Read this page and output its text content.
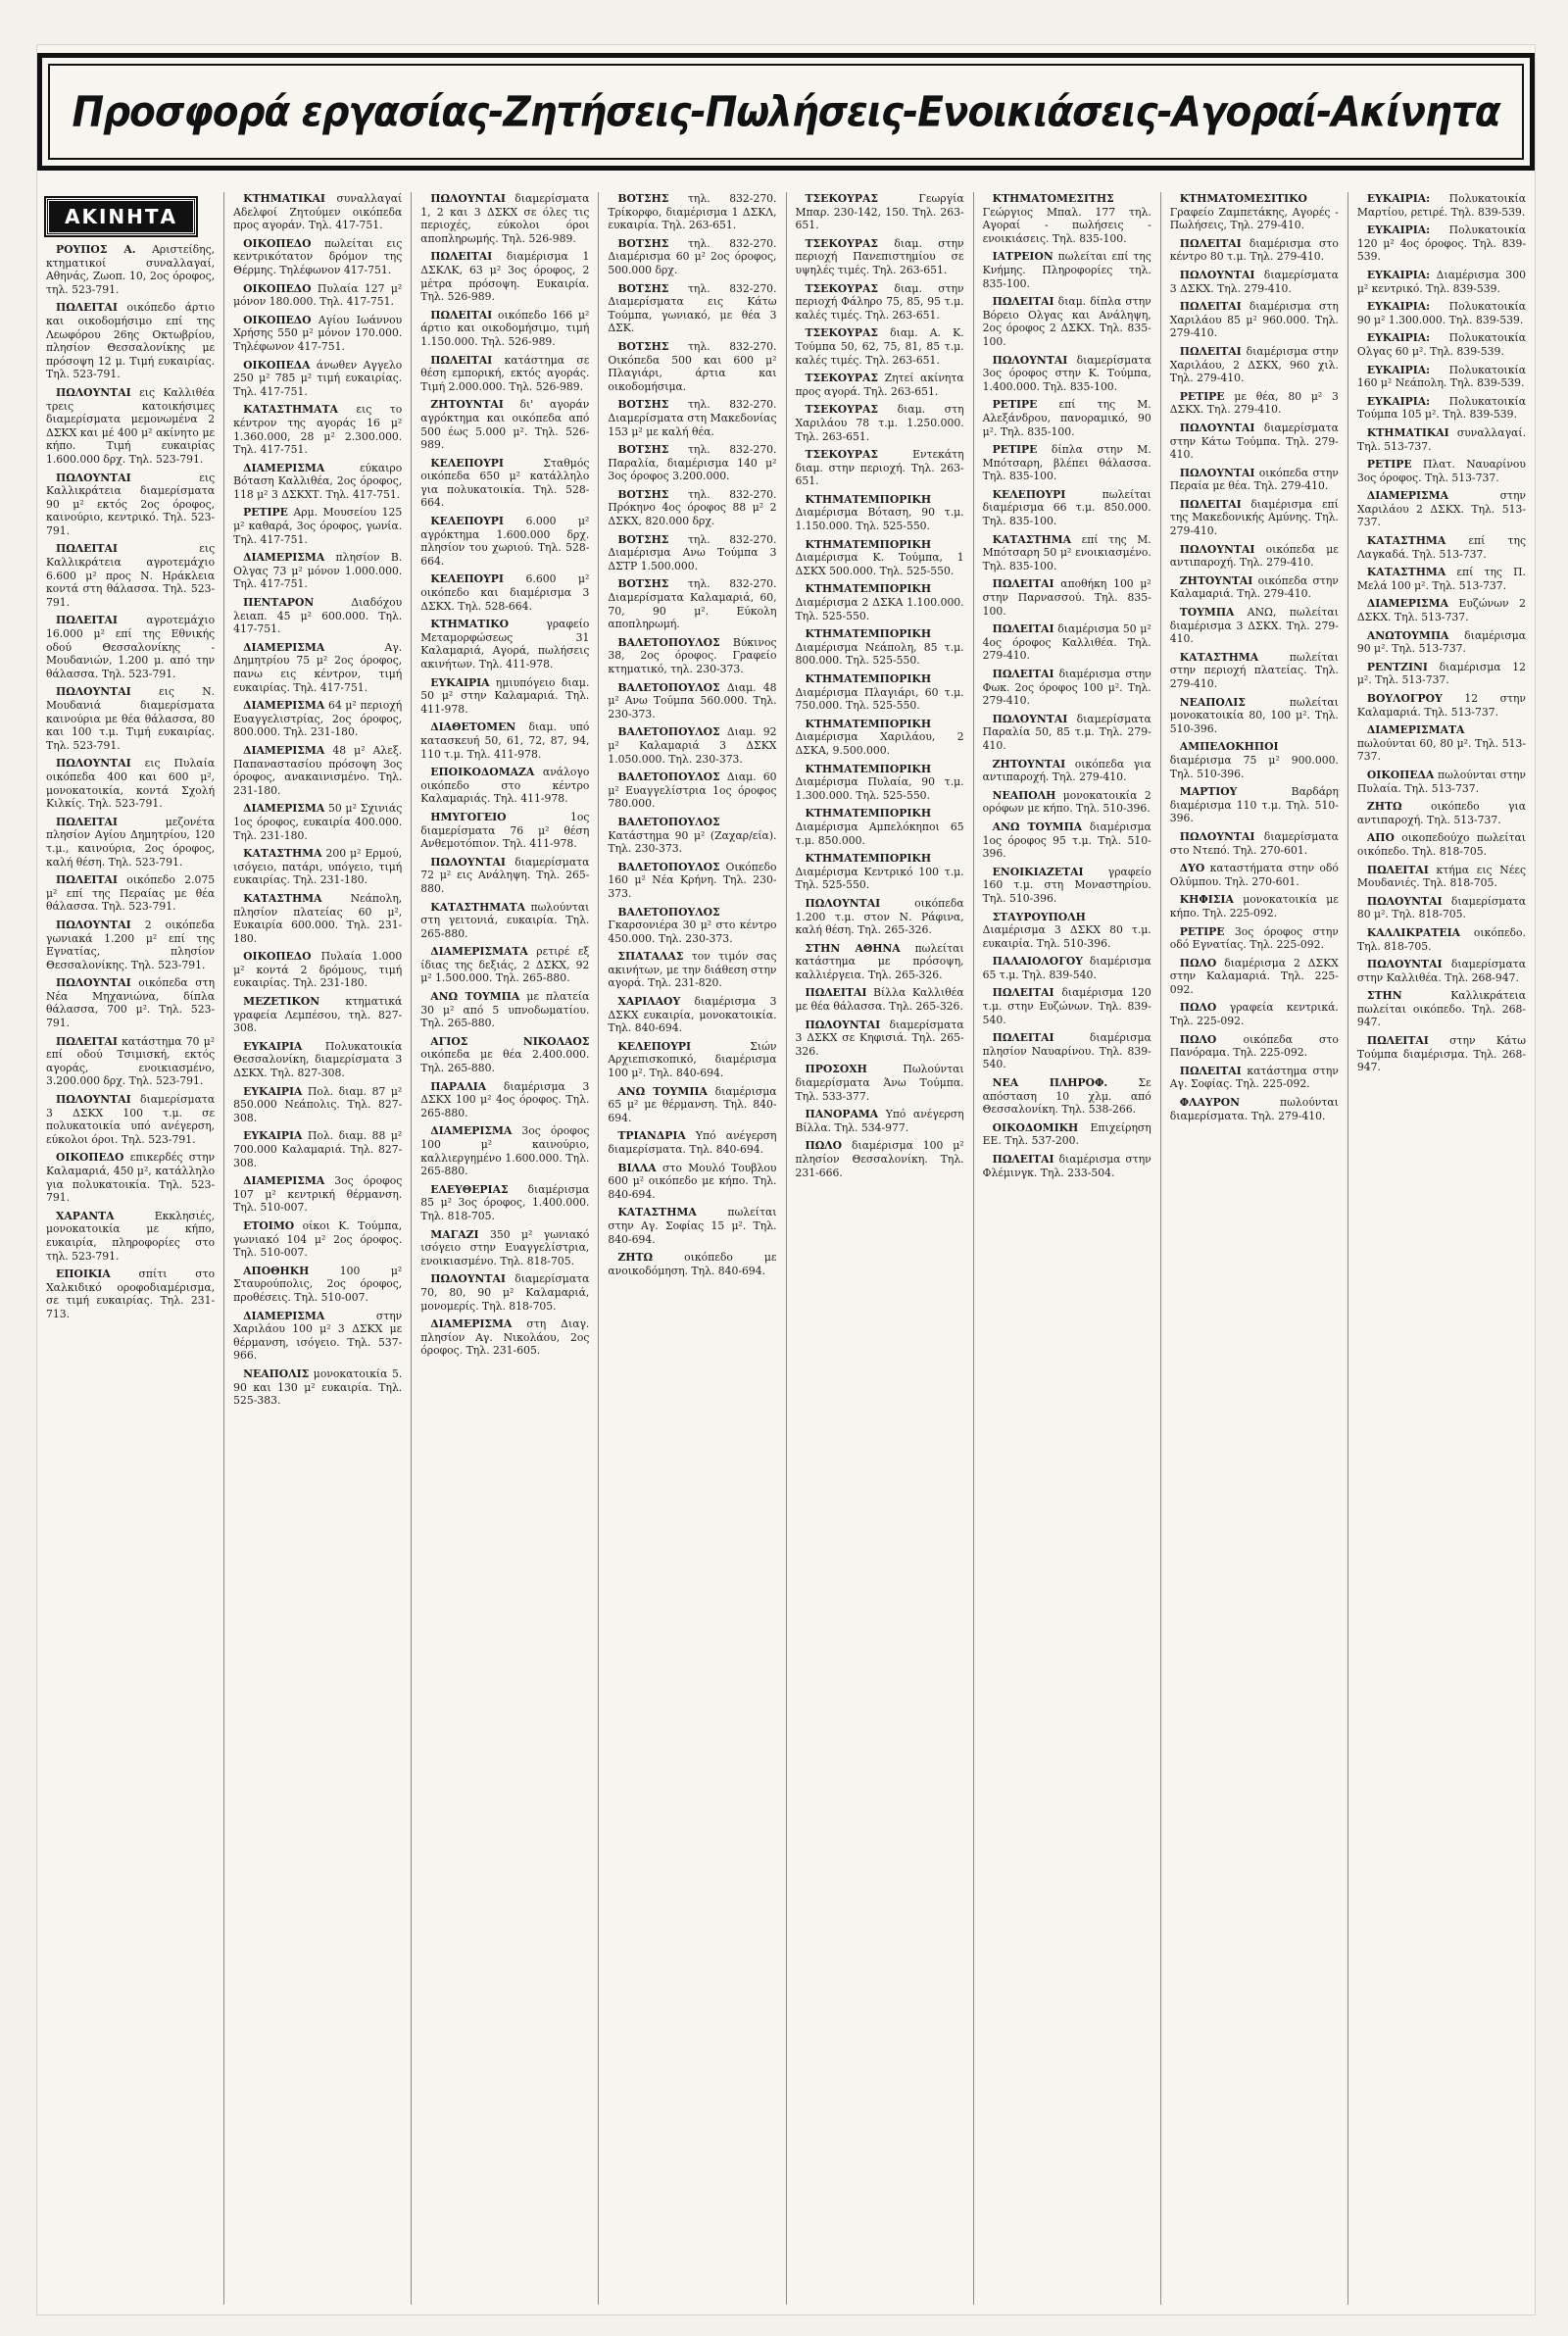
Προσφορά εργασίας-Ζητήσεις-Πωλήσεις-Ενοικιάσεις-Αγοραί-Ακίνητα
ΑΚΙΝΗΤΑ

ΡΟΥΠΟΣ Α. Αριστείδης, κτηματικοί συναλλαγαί, Αθηνάς, Ζωοπ. 10, 2ος όροφος, τηλ. 523-791.

ΠΩΛΕΙΤΑΙ οικόπεδο άρτιο και οικοδομήσιμο επί της Λεωφόρου 26ης Οκτωβρίου, πλησίον Θεσσαλονίκης με πρόσοψη 12 μ. Τιμή ευκαιρίας. Τηλ. 523-791.

ΠΩΛΟΥΝΤΑΙ εις Καλλιθέα τρεις κατοικήσιμες διαμερίσματα μεμονωμένα 2 ΔΣΚΧ και μέ 400 μ² ακίνητο με κήπο. Τιμή ευκαιρίας 1.600.000 δρχ. Τηλ. 523-791.

ΠΩΛΟΥΝΤΑΙ εις Καλλικράτεια διαμερίσματα 90 μ² εκτός 2ος όροφος, καινούριο, κεντρικό. Τηλ. 523-791.

ΠΩΛΕΙΤΑΙ εις Καλλικράτεια αγροτεμάχιο 6.600 μ² προς Ν. Ηράκλεια κοντά στη θάλασσα. Τηλ. 523-791.

ΠΩΛΕΙΤΑΙ αγροτεμάχιο 16.000 μ² επί της Εθνικής οδού Θεσσαλονίκης - Μουδανιών, 1.200 μ. από την θάλασσα. Τηλ. 523-791.

ΠΩΛΟΥΝΤΑΙ εις Ν. Μουδανιά διαμερίσματα καινούρια με θέα θάλασσα, 80 και 100 τ.μ. Τιμή ευκαιρίας. Τηλ. 523-791.

ΠΩΛΟΥΝΤΑΙ εις Πυλαία οικόπεδα 400 και 600 μ², μονοκατοικία, κοντά Σχολή Κιλκίς. Τηλ. 523-791.

ΠΩΛΕΙΤΑΙ μεζονέτα πλησίον Αγίου Δημητρίου, 120 τ.μ., καινούρια, 2ος όροφος, καλή θέση. Τηλ. 523-791.

ΠΩΛΕΙΤΑΙ οικόπεδο 2.075 μ² επί της Περαίας με θέα θάλασσα. Τηλ. 523-791.

ΠΩΛΟΥΝΤΑΙ 2 οικόπεδα γωνιακά 1.200 μ² επί της Εγνατίας, πλησίον Θεσσαλονίκης. Τηλ. 523-791.

ΠΩΛΟΥΝΤΑΙ οικόπεδα στη Νέα Μηχανιώνα, δίπλα θάλασσα, 700 μ². Τηλ. 523-791.

ΠΩΛΕΙΤΑΙ κατάστημα 70 μ² επί οδού Τσιμισκή, εκτός αγοράς, ενοικιασμένο, 3.200.000 δρχ. Τηλ. 523-791.

ΠΩΛΟΥΝΤΑΙ διαμερίσματα 3 ΔΣΚΧ 100 τ.μ. σε πολυκατοικία υπό ανέγερση, εύκολοι όροι. Τηλ. 523-791.

ΟΙΚΟΠΕΔΟ επικερδές στην Καλαμαριά, 450 μ², κατάλληλο για πολυκατοικία. Τηλ. 523-791.

ΧΑΡΑΝΤΑ Εκκλησιές, μονοκατοικία με κήπο, ευκαιρία, πληροφορίες στο τηλ. 523-791.

ΕΠΟΙΚΙΑ σπίτι στο Χαλκιδικό οροφοδιαμέρισμα, σε τιμή ευκαιρίας. Τηλ. 231-713.

ΚΤΗΜΑΤΙΚΑΙ συναλλαγαί Αδελφοί Ζητούμεν οικόπεδα προς αγοράν. Τηλ. 417-751.

ΟΙΚΟΠΕΔΟ πωλείται εις κεντρικότατον δρόμον της Θέρμης. Τηλέφωνον 417-751.

ΟΙΚΟΠΕΔΟ Πυλαία 127 μ² μόνον 180.000. Τηλ. 417-751.

ΟΙΚΟΠΕΔΟ Αγίου Ιωάννου Χρήσης 550 μ² μόνον 170.000. Τηλέφωνον 417-751.

ΟΙΚΟΠΕΔΑ άνωθεν Αγγελο 250 μ² 785 μ² τιμή ευκαιρίας. Τηλ. 417-751.

ΚΑΤΑΣΤΗΜΑΤΑ εις το κέντρον της αγοράς 16 μ² 1.360.000, 28 μ² 2.300.000. Τηλ. 417-751.

ΔΙΑΜΕΡΙΣΜΑ εύκαιρο Βόταση Καλλιθέα, 2ος όροφος, 118 μ² 3 ΔΣΚΧΤ. Τηλ. 417-751.

ΡΕΤΙΡΕ Αρμ. Μουσείου 125 μ² καθαρά, 3ος όροφος, γωνία. Τηλ. 417-751.

ΔΙΑΜΕΡΙΣΜΑ πλησίον Β. Ολγας 73 μ² μόνον 1.000.000. Τηλ. 417-751.

ΠΕΝΤΑΡΟΝ Διαδόχου λειαπ. 45 μ² 600.000. Τηλ. 417-751.

ΔΙΑΜΕΡΙΣΜΑ Αγ. Δημητρίου 75 μ² 2ος όροφος, πανω εις κέντρον, τιμή ευκαιρίας. Τηλ. 417-751.

ΔΙΑΜΕΡΙΣΜΑ 64 μ² περιοχή Ευαγγελιστρίας, 2ος όροφος, 800.000. Τηλ. 231-180.

ΔΙΑΜΕΡΙΣΜΑ 48 μ² Αλεξ. Παπαναστασίου πρόσοψη 3ος όροφος, ανακαινισμένο. Τηλ. 231-180.

ΔΙΑΜΕΡΙΣΜΑ 50 μ² Σχινιάς 1ος όροφος, ευκαιρία 400.000. Τηλ. 231-180.

ΚΑΤΑΣΤΗΜΑ 200 μ² Ερμού, ισόγειο, πατάρι, υπόγειο, τιμή ευκαιρίας. Τηλ. 231-180.

ΚΑΤΑΣΤΗΜΑ Νεάπολη, πλησίον πλατείας 60 μ², Ευκαιρία 600.000. Τηλ. 231-180.

ΟΙΚΟΠΕΔΟ Πυλαία 1.000 μ² κοντά 2 δρόμους, τιμή ευκαιρίας. Τηλ. 231-180.

ΜΕΖΕΤΙΚΟΝ κτηματικά γραφεία Λεμπέσου, τηλ. 827-308.

ΕΥΚΑΙΡΙΑ Πολυκατοικία Θεσσαλονίκη, διαμερίσματα 3 ΔΣΚΧ. Τηλ. 827-308.

ΕΥΚΑΙΡΙΑ Πολ. διαμ. 87 μ² 850.000 Νεάπολις. Τηλ. 827-308.

ΕΥΚΑΙΡΙΑ Πολ. διαμ. 88 μ² 700.000 Καλαμαριά. Τηλ. 827-308.

ΔΙΑΜΕΡΙΣΜΑ 3ος όροφος 107 μ² κεντρική θέρμανση. Τηλ. 510-007.

ΕΤΟΙΜΟ οίκοι Κ. Τούμπα, γωνιακό 104 μ² 2ος όροφος. Τηλ. 510-007.

ΑΠΟΘΗΚΗ 100 μ² Σταυρούπολις, 2ος όροφος, προθέσεις. Τηλ. 510-007.

ΔΙΑΜΕΡΙΣΜΑ στην Χαριλάου 100 μ² 3 ΔΣΚΧ με θέρμανση, ισόγειο. Τηλ. 537-966.

ΝΕΑΠΟΛΙΣ μονοκατοικία 5. 90 και 130 μ² ευκαιρία. Τηλ. 525-383.

ΠΩΛΟΥΝΤΑΙ διαμερίσματα 1, 2 και 3 ΔΣΚΧ σε όλες τις περιοχές, εύκολοι όροι αποπληρωμής. Τηλ. 526-989.

ΠΩΛΕΙΤΑΙ διαμέρισμα 1 ΔΣΚΛΚ, 63 μ² 3ος όροφος, 2 μέτρα πρόσοψη. Ευκαιρία. Τηλ. 526-989.

ΠΩΛΕΙΤΑΙ οικόπεδο 166 μ² άρτιο και οικοδομήσιμο, τιμή 1.150.000. Τηλ. 526-989.

ΠΩΛΕΙΤΑΙ κατάστημα σε θέση εμπορική, εκτός αγοράς. Τιμή 2.000.000. Τηλ. 526-989.

ΖΗΤΟΥΝΤΑΙ δι' αγοράν αγρόκτημα και οικόπεδα από 500 έως 5.000 μ². Τηλ. 526-989.

ΚΕΛΕΠΟΥΡΙ Σταθμός οικόπεδα 650 μ² κατάλληλο για πολυκατοικία. Τηλ. 528-664.

ΚΕΛΕΠΟΥΡΙ 6.000 μ² αγρόκτημα 1.600.000 δρχ. πλησίον του χωριού. Τηλ. 528-664.

ΚΕΛΕΠΟΥΡΙ 6.600 μ² οικόπεδο και διαμέρισμα 3 ΔΣΚΧ. Τηλ. 528-664.

ΚΤΗΜΑΤΙΚΟ γραφείο Μεταμορφώσεως 31 Καλαμαριά, Αγορά, πωλήσεις ακινήτων. Τηλ. 411-978.

ΕΥΚΑΙΡΙΑ ημιυπόγειο διαμ. 50 μ² στην Καλαμαριά. Τηλ. 411-978.

ΔΙΑΘΕΤΟΜΕΝ διαμ. υπό κατασκευή 50, 61, 72, 87, 94, 110 τ.μ. Τηλ. 411-978.

ΕΠΟΙΚΟΔΟΜΑΖΑ ανάλογο οικόπεδο στο κέντρο Καλαμαριάς. Τηλ. 411-978.

ΗΜΥΓΟΓΕΙΟ 1ος διαμερίσματα 76 μ² θέση Ανθεμοτόπιον. Τηλ. 411-978.

ΠΩΛΟΥΝΤΑΙ διαμερίσματα 72 μ² εις Ανάληψη. Τηλ. 265-880.

ΚΑΤΑΣΤΗΜΑΤΑ πωλούνται στη γειτονιά, ευκαιρία. Τηλ. 265-880.

ΔΙΑΜΕΡΙΣΜΑΤΑ ρετιρέ εξ ίδιας της δεξιάς, 2 ΔΣΚΧ, 92 μ² 1.500.000. Τηλ. 265-880.

ΑΝΩ ΤΟΥΜΠΑ με πλατεία 30 μ² από 5 υπνοδωματίου. Τηλ. 265-880.

ΑΓΙΟΣ ΝΙΚΟΛΑΟΣ οικόπεδα με θέα 2.400.000. Τηλ. 265-880.

ΠΑΡΑΛΙΑ διαμέρισμα 3 ΔΣΚΧ 100 μ² 4ος όροφος. Τηλ. 265-880.

ΔΙΑΜΕΡΙΣΜΑ 3ος όροφος 100 μ² καινούριο, καλλιεργημένο 1.600.000. Τηλ. 265-880.

ΕΛΕΥΘΕΡΙΑΣ διαμέρισμα 85 μ² 3ος όροφος, 1.400.000. Τηλ. 818-705.

ΜΑΓΑΖΙ 350 μ² γωνιακό ισόγειο στην Ευαγγελίστρια, ενοικιασμένο. Τηλ. 818-705.

ΠΩΛΟΥΝΤΑΙ διαμερίσματα 70, 80, 90 μ² Καλαμαριά, μονομερίς. Τηλ. 818-705.

ΔΙΑΜΕΡΙΣΜΑ στη Διαγ. πλησίον Αγ. Νικολάου, 2ος όροφος. Τηλ. 231-605.

ΒΟΤΣΗΣ τηλ. 832-270. Τρίκορφο, διαμέρισμα 1 ΔΣΚΛ, ευκαιρία. Τηλ. 263-651.

ΒΟΤΣΗΣ τηλ. 832-270. Διαμέρισμα 60 μ² 2ος όροφος, 500.000 δρχ.

ΒΟΤΣΗΣ τηλ. 832-270. Διαμερίσματα εις Κάτω Τούμπα, γωνιακό, με θέα 3 ΔΣΚ.

ΒΟΤΣΗΣ τηλ. 832-270. Οικόπεδα 500 και 600 μ² Πλαγιάρι, άρτια και οικοδομήσιμα.

ΒΟΤΣΗΣ τηλ. 832-270. Διαμερίσματα στη Μακεδονίας 153 μ² με καλή θέα.

ΒΟΤΣΗΣ τηλ. 832-270. Παραλία, διαμέρισμα 140 μ² 3ος όροφος 3.200.000.

ΒΟΤΣΗΣ τηλ. 832-270. Πρόκηνο 4ος όροφος 88 μ² 2 ΔΣΚΧ, 820.000 δρχ.

ΒΟΤΣΗΣ τηλ. 832-270. Διαμέρισμα Ανω Τούμπα 3 ΔΣΤΡ 1.500.000.

ΒΟΤΣΗΣ τηλ. 832-270. Διαμερίσματα Καλαμαριά, 60, 70, 90 μ². Εύκολη αποπληρωμή.

ΒΑΛΕΤΟΠΟΥΛΟΣ Βύκινος 38, 2ος όροφος. Γραφείο κτηματικό, τηλ. 230-373.

ΒΑΛΕΤΟΠΟΥΛΟΣ Διαμ. 48 μ² Ανω Τούμπα 560.000. Τηλ. 230-373.

ΒΑΛΕΤΟΠΟΥΛΟΣ Διαμ. 92 μ² Καλαμαριά 3 ΔΣΚΧ 1.050.000. Τηλ. 230-373.

ΒΑΛΕΤΟΠΟΥΛΟΣ Διαμ. 60 μ² Ευαγγελίστρια 1ος όροφος 780.000.

ΒΑΛΕΤΟΠΟΥΛΟΣ Κατάστημα 90 μ² (Ζαχαρ/εία). Τηλ. 230-373.

ΒΑΛΕΤΟΠΟΥΛΟΣ Οικόπεδο 160 μ² Νέα Κρήνη. Τηλ. 230-373.

ΒΑΛΕΤΟΠΟΥΛΟΣ Γκαρσονιέρα 30 μ² στο κέντρο 450.000. Τηλ. 230-373.

ΣΠΑΤΑΛΑΣ τον τιμόν σας ακινήτων, με την διάθεση στην αγορά. Τηλ. 231-820.

ΧΑΡΙΛΑΟΥ διαμέρισμα 3 ΔΣΚΧ ευκαιρία, μονοκατοικία. Τηλ. 840-694.

ΚΕΛΕΠΟΥΡΙ Σιών Αρχιεπισκοπικό, διαμέρισμα 100 μ². Τηλ. 840-694.

ΑΝΩ ΤΟΥΜΠΑ διαμέρισμα 65 μ² με θέρμανση. Τηλ. 840-694.

ΤΡΙΑΝΔΡΙΑ Υπό ανέγερση διαμερίσματα. Τηλ. 840-694.

ΒΙΛΛΑ στο Μουλό Τουβλου 600 μ² οικόπεδο με κήπο. Τηλ. 840-694.

ΚΑΤΑΣΤΗΜΑ πωλείται στην Αγ. Σοφίας 15 μ². Τηλ. 840-694.

ΖΗΤΩ οικόπεδο με ανοικοδόμηση. Τηλ. 840-694.

ΤΣΕΚΟΥΡΑΣ Γεωργία Μπαρ. 230-142, 150. Τηλ. 263-651.

ΤΣΕΚΟΥΡΑΣ διαμ. στην περιοχή Πανεπιστημίου σε υψηλές τιμές. Τηλ. 263-651.

ΤΣΕΚΟΥΡΑΣ διαμ. στην περιοχή Φάληρο 75, 85, 95 τ.μ. καλές τιμές. Τηλ. 263-651.

ΤΣΕΚΟΥΡΑΣ διαμ. Α. Κ. Τούμπα 50, 62, 75, 81, 85 τ.μ. καλές τιμές. Τηλ. 263-651.

ΤΣΕΚΟΥΡΑΣ Ζητεί ακίνητα προς αγορά. Τηλ. 263-651.

ΤΣΕΚΟΥΡΑΣ διαμ. στη Χαριλάου 78 τ.μ. 1.250.000. Τηλ. 263-651.

ΤΣΕΚΟΥΡΑΣ Εντεκάτη διαμ. στην περιοχή. Τηλ. 263-651.

ΚΤΗΜΑΤΕΜΠΟΡΙΚΗ Διαμέρισμα Βόταση, 90 τ.μ. 1.150.000. Τηλ. 525-550.

ΚΤΗΜΑΤΕΜΠΟΡΙΚΗ Διαμέρισμα Κ. Τούμπα, 1 ΔΣΚΧ 500.000. Τηλ. 525-550.

ΚΤΗΜΑΤΕΜΠΟΡΙΚΗ Διαμέρισμα 2 ΔΣΚΑ 1.100.000. Τηλ. 525-550.

ΚΤΗΜΑΤΕΜΠΟΡΙΚΗ Διαμέρισμα Νεάπολη, 85 τ.μ. 800.000. Τηλ. 525-550.

ΚΤΗΜΑΤΕΜΠΟΡΙΚΗ Διαμέρισμα Πλαγιάρι, 60 τ.μ. 750.000. Τηλ. 525-550.

ΚΤΗΜΑΤΕΜΠΟΡΙΚΗ Διαμέρισμα Χαριλάου, 2 ΔΣΚΑ, 9.500.000.

ΚΤΗΜΑΤΕΜΠΟΡΙΚΗ Διαμέρισμα Πυλαία, 90 τ.μ. 1.300.000. Τηλ. 525-550.

ΚΤΗΜΑΤΕΜΠΟΡΙΚΗ Διαμέρισμα Αμπελόκηποι 65 τ.μ. 850.000.

ΚΤΗΜΑΤΕΜΠΟΡΙΚΗ Διαμέρισμα Κεντρικό 100 τ.μ. Τηλ. 525-550.

ΠΩΛΟΥΝΤΑΙ οικόπεδα 1.200 τ.μ. στον Ν. Ράφινα, καλή θέση. Τηλ. 265-326.

ΣΤΗΝ ΑΘΗΝΑ πωλείται κατάστημα με πρόσοψη, καλλιέργεια. Τηλ. 265-326.

ΠΩΛΕΙΤΑΙ Βίλλα Καλλιθέα με θέα θάλασσα. Τηλ. 265-326.

ΠΩΛΟΥΝΤΑΙ διαμερίσματα 3 ΔΣΚΧ σε Κηφισιά. Τηλ. 265-326.

ΠΡΟΣΟΧΗ Πωλούνται διαμερίσματα Άνω Τούμπα. Τηλ. 533-377.

ΠΑΝΟΡΑΜΑ Υπό ανέγερση Βίλλα. Τηλ. 534-977.

ΠΩΛΟ διαμέρισμα 100 μ² πλησίον Θεσσαλονίκη. Τηλ. 231-666.

ΚΤΗΜΑΤΟΜΕΣΙΤΗΣ Γεώργιος Μπαλ. 177 τηλ. Αγοραί - πωλήσεις - ενοικιάσεις. Τηλ. 835-100.

ΙΑΤΡΕΙΟΝ πωλείται επί της Κνήμης. Πληροφορίες τηλ. 835-100.

ΠΩΛΕΙΤΑΙ διαμ. δίπλα στην Βόρειο Ολγας και Ανάληψη, 2ος όροφος 2 ΔΣΚΧ. Τηλ. 835-100.

ΠΩΛΟΥΝΤΑΙ διαμερίσματα 3ος όροφος στην Κ. Τούμπα, 1.400.000. Τηλ. 835-100.

ΡΕΤΙΡΕ επί της Μ. Αλεξάνδρου, πανοραμικό, 90 μ². Τηλ. 835-100.

ΡΕΤΙΡΕ δίπλα στην Μ. Μπότσαρη, βλέπει θάλασσα. Τηλ. 835-100.

ΚΕΛΕΠΟΥΡΙ πωλείται διαμέρισμα 66 τ.μ. 850.000. Τηλ. 835-100.

ΚΑΤΑΣΤΗΜΑ επί της Μ. Μπότσαρη 50 μ² ενοικιασμένο. Τηλ. 835-100.

ΠΩΛΕΙΤΑΙ αποθήκη 100 μ² στην Παρνασσού. Τηλ. 835-100.

ΠΩΛΕΙΤΑΙ διαμέρισμα 50 μ² 4ος όροφος Καλλιθέα. Τηλ. 279-410.

ΠΩΛΕΙΤΑΙ διαμέρισμα στην Φωκ. 2ος όροφος 100 μ². Τηλ. 279-410.

ΠΩΛΟΥΝΤΑΙ διαμερίσματα Παραλία 50, 85 τ.μ. Τηλ. 279-410.

ΖΗΤΟΥΝΤΑΙ οικόπεδα για αντιπαροχή. Τηλ. 279-410.

ΝΕΑΠΟΛΗ μονοκατοικία 2 ορόφων με κήπο. Τηλ. 510-396.

ΑΝΩ ΤΟΥΜΠΑ διαμέρισμα 1ος όροφος 95 τ.μ. Τηλ. 510-396.

ΕΝΟΙΚΙΑΖΕΤΑΙ γραφείο 160 τ.μ. στη Μοναστηρίου. Τηλ. 510-396.

ΣΤΑΥΡΟΥΠΟΛΗ Διαμέρισμα 3 ΔΣΚΧ 80 τ.μ. ευκαιρία. Τηλ. 510-396.

ΠΑΛΑΙΟΛΟΓΟΥ διαμέρισμα 65 τ.μ. Τηλ. 839-540.

ΠΩΛΕΙΤΑΙ διαμέρισμα 120 τ.μ. στην Ευζώνων. Τηλ. 839-540.

ΠΩΛΕΙΤΑΙ διαμέρισμα πλησίον Ναυαρίνου. Τηλ. 839-540.

ΝΕΑ ΠΛΗΡΟΦ. Σε απόσταση 10 χλμ. από Θεσσαλονίκη. Τηλ. 538-266.

ΟΙΚΟΔΟΜΙΚΗ Επιχείρηση ΕΕ. Τηλ. 537-200.

ΠΩΛΕΙΤΑΙ διαμέρισμα στην Φλέμινγκ. Τηλ. 233-504.

ΚΤΗΜΑΤΟΜΕΣΙΤΙΚΟ Γραφείο Ζαμπετάκης, Αγορές - Πωλήσεις, Τηλ. 279-410.

ΠΩΛΕΙΤΑΙ διαμέρισμα στο κέντρο 80 τ.μ. Τηλ. 279-410.

ΠΩΛΟΥΝΤΑΙ διαμερίσματα 3 ΔΣΚΧ. Τηλ. 279-410.

ΠΩΛΕΙΤΑΙ διαμέρισμα στη Χαριλάου 85 μ² 960.000. Τηλ. 279-410.

ΠΩΛΕΙΤΑΙ διαμέρισμα στην Χαριλάου, 2 ΔΣΚΧ, 960 χιλ. Τηλ. 279-410.

ΡΕΤΙΡΕ με θέα, 80 μ² 3 ΔΣΚΧ. Τηλ. 279-410.

ΠΩΛΟΥΝΤΑΙ διαμερίσματα στην Κάτω Τούμπα. Τηλ. 279-410.

ΠΩΛΟΥΝΤΑΙ οικόπεδα στην Περαία με θέα. Τηλ. 279-410.

ΠΩΛΕΙΤΑΙ διαμέρισμα επί της Μακεδονικής Αμύνης. Τηλ. 279-410.

ΠΩΛΟΥΝΤΑΙ οικόπεδα με αντιπαροχή. Τηλ. 279-410.

ΖΗΤΟΥΝΤΑΙ οικόπεδα στην Καλαμαριά. Τηλ. 279-410.

ΤΟΥΜΠΑ ΑΝΩ, πωλείται διαμέρισμα 3 ΔΣΚΧ. Τηλ. 279-410.

ΚΑΤΑΣΤΗΜΑ πωλείται στην περιοχή πλατείας. Τηλ. 279-410.

ΝΕΑΠΟΛΙΣ πωλείται μονοκατοικία 80, 100 μ². Τηλ. 510-396.

ΑΜΠΕΛΟΚΗΠΟΙ διαμέρισμα 75 μ² 900.000. Τηλ. 510-396.

ΜΑΡΤΙΟΥ Βαρδάρη διαμέρισμα 110 τ.μ. Τηλ. 510-396.

ΠΩΛΟΥΝΤΑΙ διαμερίσματα στο Ντεπό. Τηλ. 270-601.

ΔΥΟ καταστήματα στην οδό Ολύμπου. Τηλ. 270-601.

ΚΗΦΙΣΙΑ μονοκατοικία με κήπο. Τηλ. 225-092.

ΡΕΤΙΡΕ 3ος όροφος στην οδό Εγνατίας. Τηλ. 225-092.

ΠΩΛΟ διαμέρισμα 2 ΔΣΚΧ στην Καλαμαριά. Τηλ. 225-092.

ΠΩΛΟ γραφεία κεντρικά. Τηλ. 225-092.

ΠΩΛΟ οικόπεδα στο Πανόραμα. Τηλ. 225-092.

ΠΩΛΕΙΤΑΙ κατάστημα στην Αγ. Σοφίας. Τηλ. 225-092.

ΦΛΑΥΡΟΝ πωλούνται διαμερίσματα. Τηλ. 279-410.

ΕΥΚΑΙΡΙΑ: Πολυκατοικία Μαρτίου, ρετιρέ. Τηλ. 839-539.

ΕΥΚΑΙΡΙΑ: Πολυκατοικία 120 μ² 4ος όροφος. Τηλ. 839-539.

ΕΥΚΑΙΡΙΑ: Διαμέρισμα 300 μ² κεντρικό. Τηλ. 839-539.

ΕΥΚΑΙΡΙΑ: Πολυκατοικία 90 μ² 1.300.000. Τηλ. 839-539.

ΕΥΚΑΙΡΙΑ: Πολυκατοικία Ολγας 60 μ². Τηλ. 839-539.

ΕΥΚΑΙΡΙΑ: Πολυκατοικία 160 μ² Νεάπολη. Τηλ. 839-539.

ΕΥΚΑΙΡΙΑ: Πολυκατοικία Τούμπα 105 μ². Τηλ. 839-539.

ΚΤΗΜΑΤΙΚΑΙ συναλλαγαί. Τηλ. 513-737.

ΡΕΤΙΡΕ Πλατ. Ναυαρίνου 3ος όροφος. Τηλ. 513-737.

ΔΙΑΜΕΡΙΣΜΑ στην Χαριλάου 2 ΔΣΚΧ. Τηλ. 513-737.

ΚΑΤΑΣΤΗΜΑ επί της Λαγκαδά. Τηλ. 513-737.

ΚΑΤΑΣΤΗΜΑ επί της Π. Μελά 100 μ². Τηλ. 513-737.

ΔΙΑΜΕΡΙΣΜΑ Ευζώνων 2 ΔΣΚΧ. Τηλ. 513-737.

ΑΝΩΤΟΥΜΠΑ διαμέρισμα 90 μ². Τηλ. 513-737.

ΡΕΝΤΖΙΝΙ διαμέρισμα 12 μ². Τηλ. 513-737.

ΒΟΥΛΟΓΡΟΥ 12 στην Καλαμαριά. Τηλ. 513-737.

ΔΙΑΜΕΡΙΣΜΑΤΑ πωλούνται 60, 80 μ². Τηλ. 513-737.

ΟΙΚΟΠΕΔΑ πωλούνται στην Πυλαία. Τηλ. 513-737.

ΖΗΤΩ οικόπεδο για αντιπαροχή. Τηλ. 513-737.

ΑΠΟ οικοπεδούχο πωλείται οικόπεδο. Τηλ. 818-705.

ΠΩΛΕΙΤΑΙ κτήμα εις Νέες Μουδανιές. Τηλ. 818-705.

ΠΩΛΟΥΝΤΑΙ διαμερίσματα 80 μ². Τηλ. 818-705.

ΚΑΛΛΙΚΡΑΤΕΙΑ οικόπεδο. Τηλ. 818-705.

ΠΩΛΟΥΝΤΑΙ διαμερίσματα στην Καλλιθέα. Τηλ. 268-947.

ΣΤΗΝ Καλλικράτεια πωλείται οικόπεδο. Τηλ. 268-947.

ΠΩΛΕΙΤΑΙ στην Κάτω Τούμπα διαμέρισμα. Τηλ. 268-947.
